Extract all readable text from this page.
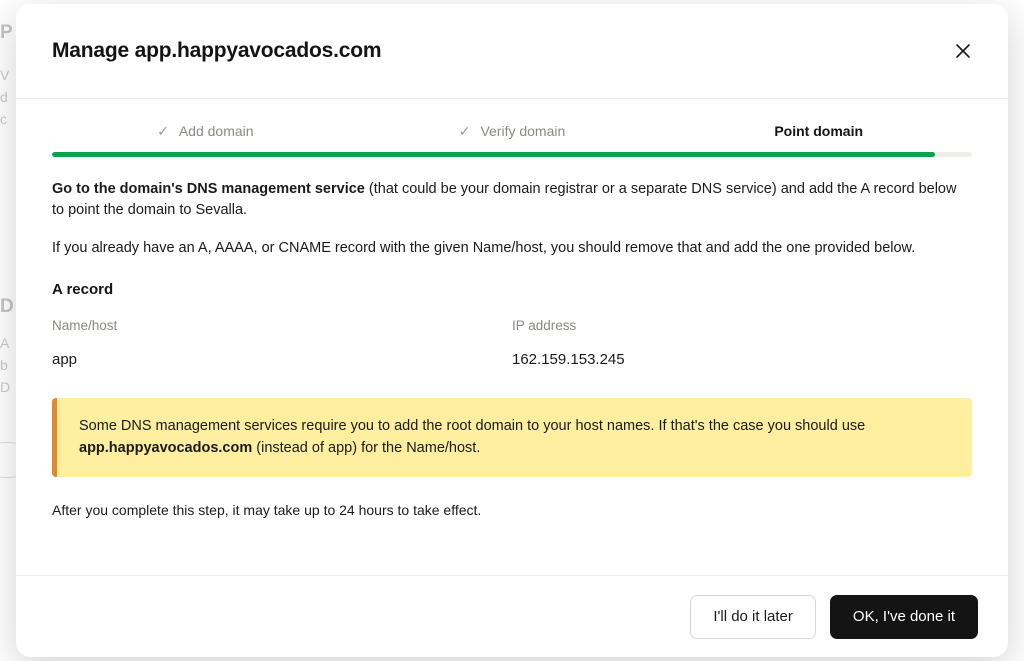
P
V
d
c
D
A
b
D
Manage app.happyavocados.com
✓ Add domain	✓ Verify domain	Point domain
Go to the domain's DNS management service (that could be your domain registrar or a separate DNS service) and add the A record below to point the domain to Sevalla.
If you already have an A, AAAA, or CNAME record with the given Name/host, you should remove that and add the one provided below.
A record
Name/host
app
IP address
162.159.153.245
Some DNS management services require you to add the root domain to your host names. If that's the case you should use app.happyavocados.com (instead of app) for the Name/host.
After you complete this step, it may take up to 24 hours to take effect.
I'll do it later	OK, I've done it
